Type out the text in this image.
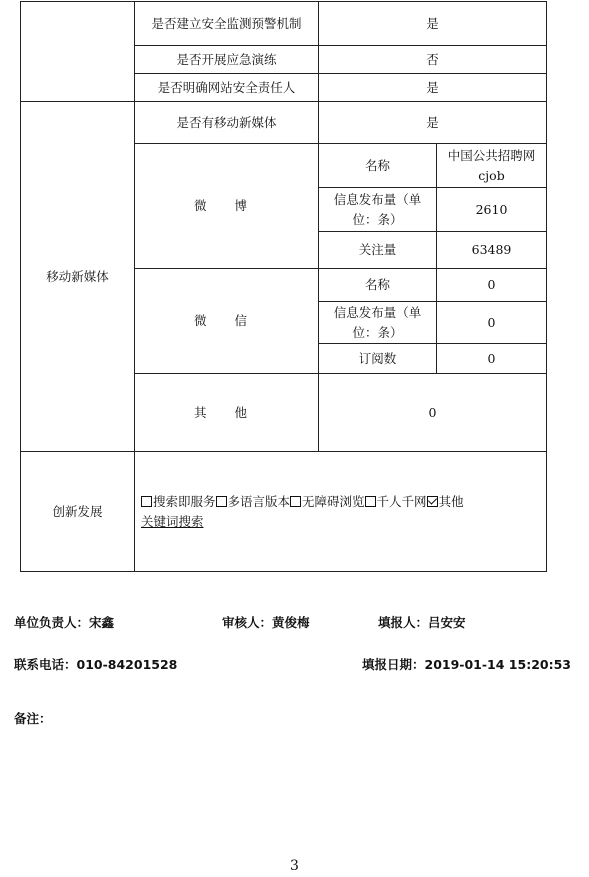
	是否建立安全监测预警机制	是	
	是否开展应急演练	否	
	是否明确网站安全责任人	是	
移动新媒体	是否有移动新媒体	是	
	微 博	名称	中国公共招聘网cjob
		信息发布量（单位：条）	2610
		关注量	63489
	微 信	名称	0
		信息发布量（单位：条）	0
		订阅数	0
	其 他	0	
创新发展	搜索即服务 多语言版本 无障碍浏览 千人千网 其他
关键词搜索		
单位负责人：宋鑫	审核人：黄俊梅	填报人：吕安安
联系电话：010-84201528	填报日期：2019-01-14 15:20:53
备注：
3
